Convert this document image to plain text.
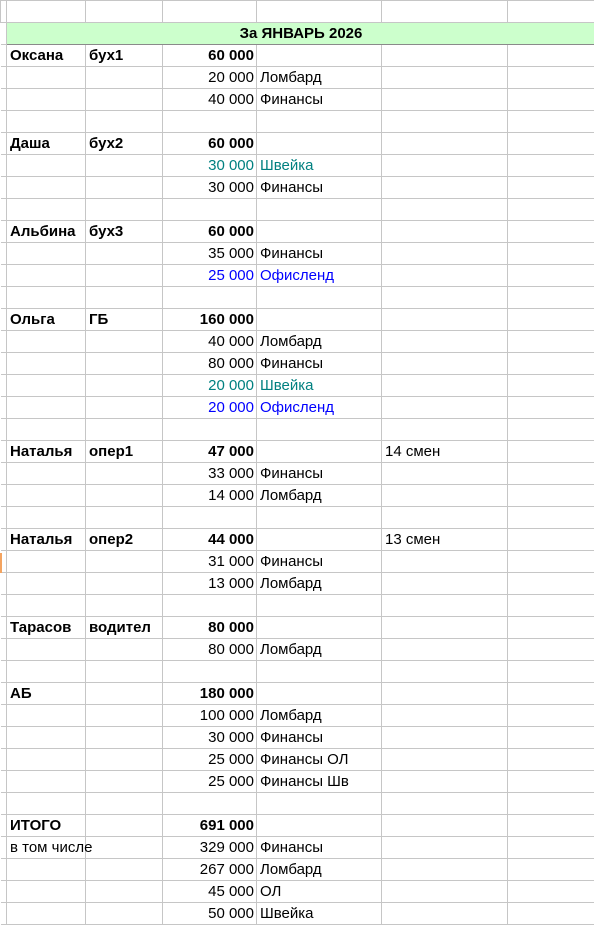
	За ЯНВАРЬ 2026					
	Оксана	бух1	60 000			
			20 000	Ломбард		
			40 000	Финансы		

	Даша	бух2	60 000			
			30 000	Швейка		
			30 000	Финансы		

	Альбина	бух3	60 000			
			35 000	Финансы		
			25 000	Офисленд		

	Ольга	ГБ	160 000			
			40 000	Ломбард		
			80 000	Финансы		
			20 000	Швейка		
			20 000	Офисленд		

	Наталья	опер1	47 000		14 смен	
			33 000	Финансы		
			14 000	Ломбард		

	Наталья	опер2	44 000		13 смен	
			31 000	Финансы		
			13 000	Ломбард		

	Тарасов	водител	80 000			
			80 000	Ломбард		

	АБ		180 000			
			100 000	Ломбард		
			30 000	Финансы		
			25 000	Финансы ОЛ		
			25 000	Финансы Шв		

	ИТОГО		691 000			
	в том числе		329 000	Финансы		
			267 000	Ломбард		
			45 000	ОЛ		
			50 000	Швейка		
